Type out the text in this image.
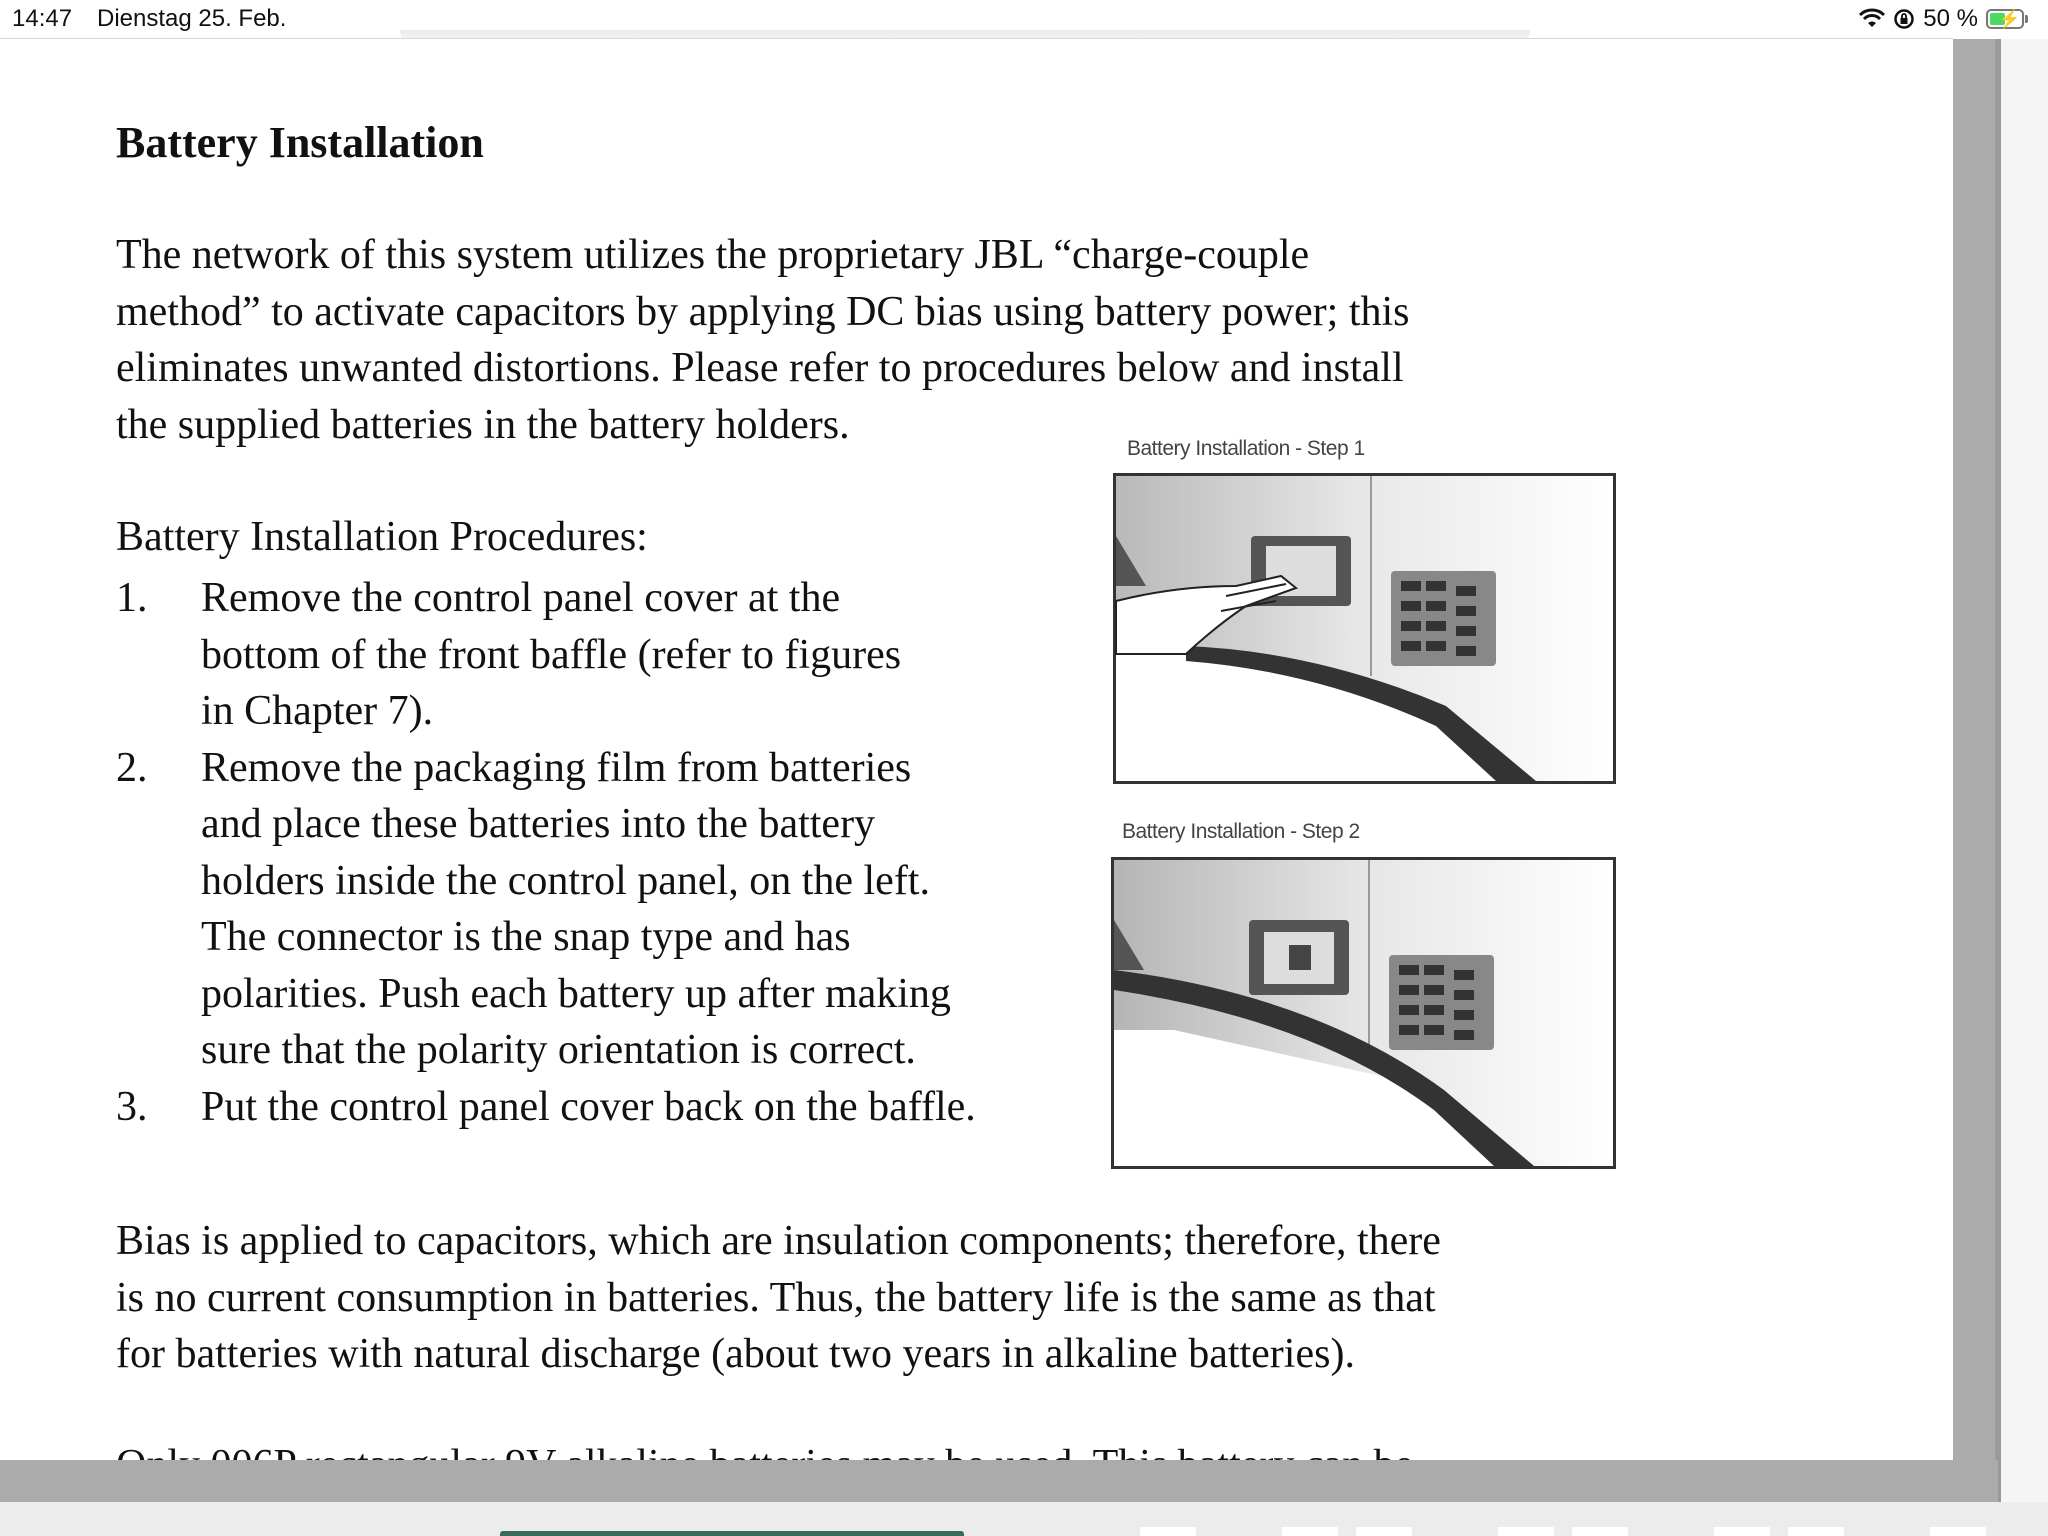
14:47 Dienstag 25. Feb.	50 % ⚡
Battery Installation

The network of this system utilizes the proprietary JBL “charge-couple
method” to activate capacitors by applying DC bias using battery power; this
eliminates unwanted distortions. Please refer to procedures below and install
the supplied batteries in the battery holders.

Battery Installation Procedures:
1. Remove the control panel cover at the
bottom of the front baffle (refer to figures
in Chapter 7).
2. Remove the packaging film from batteries
and place these batteries into the battery
holders inside the control panel, on the left.
The connector is the snap type and has
polarities. Push each battery up after making
sure that the polarity orientation is correct.
3. Put the control panel cover back on the baffle.
Battery Installation - Step 1
Battery Installation - Step 2

Bias is applied to capacitors, which are insulation components; therefore, there
is no current consumption in batteries. Thus, the battery life is the same as that
for batteries with natural discharge (about two years in alkaline batteries).
